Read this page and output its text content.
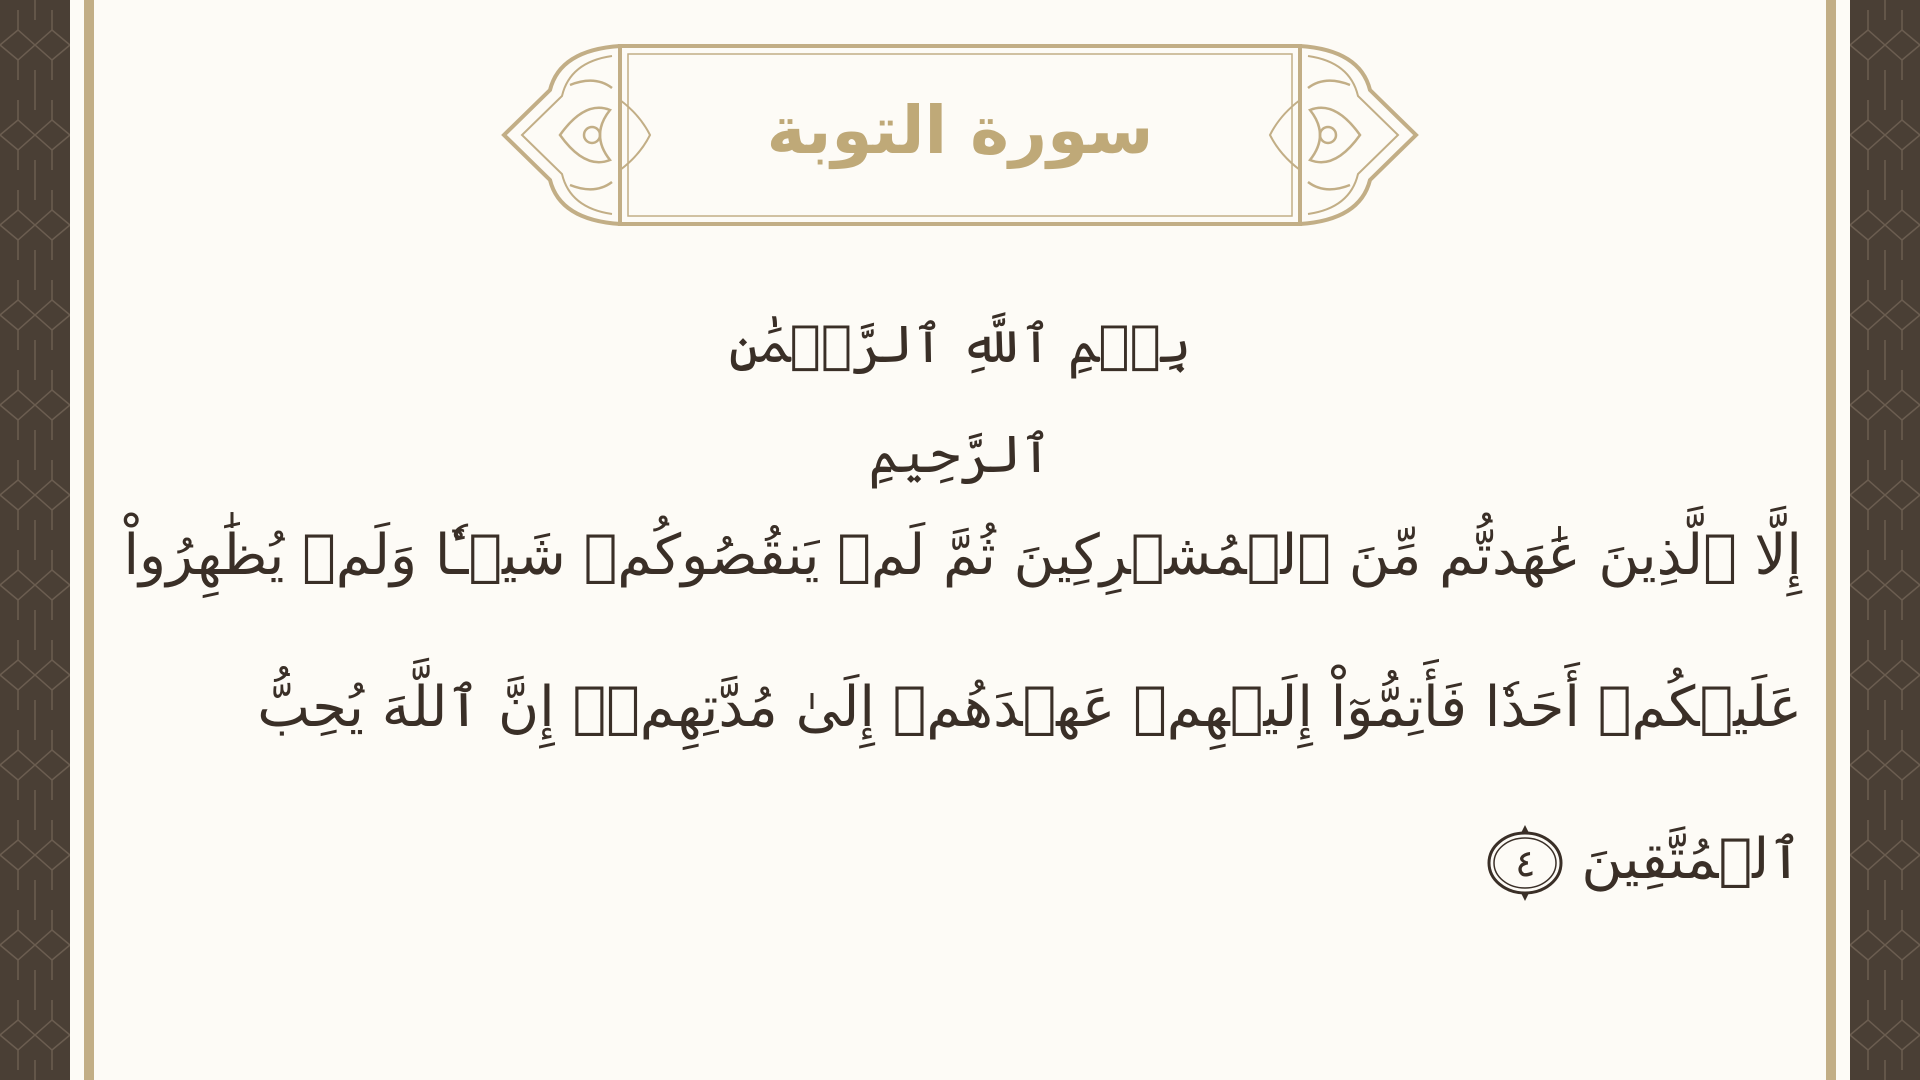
سورة التوبة
بِسۡمِ ٱللَّهِ ٱلرَّحۡمَٰنِ ٱلرَّحِيمِ
إِلَّا ٱلَّذِينَ عَٰهَدتُّم مِّنَ ٱلۡمُشۡرِكِينَ ثُمَّ لَمۡ يَنقُصُوكُمۡ شَيۡـٔٗا وَلَمۡ يُظَٰهِرُواْ
عَلَيۡكُمۡ أَحَدٗا فَأَتِمُّوٓاْ إِلَيۡهِمۡ عَهۡدَهُمۡ إِلَىٰ مُدَّتِهِمۡۚ إِنَّ ٱللَّهَ يُحِبُّ
ٱلۡمُتَّقِينَ
٤
